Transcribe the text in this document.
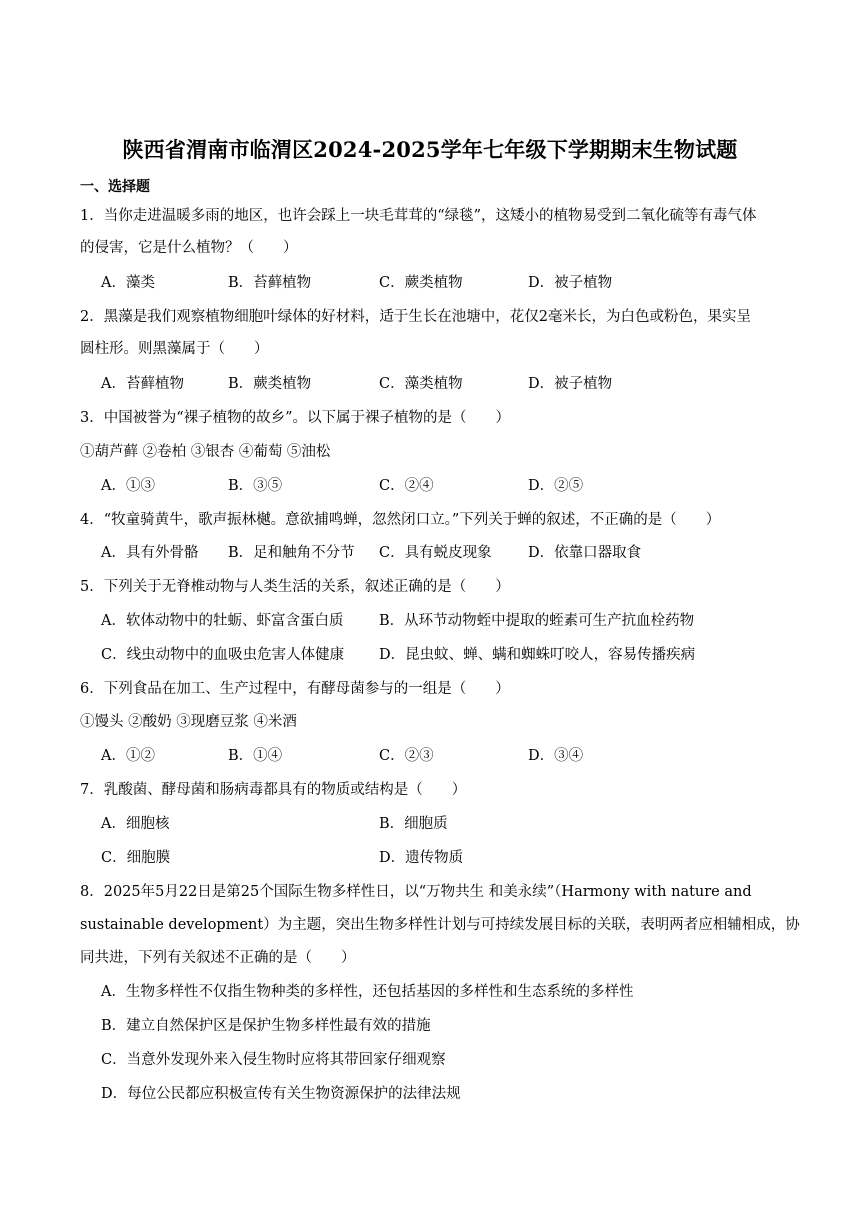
陕西省渭南市临渭区2024-2025学年七年级下学期期末生物试题
一、选择题
1．当你走进温暖多雨的地区，也许会踩上一块毛茸茸的“绿毯”，这矮小的植物易受到二氧化硫等有毒气体
的侵害，它是什么植物？（　　）
A．藻类	B．苔藓植物	C．蕨类植物	D．被子植物
2．黑藻是我们观察植物细胞叶绿体的好材料，适于生长在池塘中，花仅2毫米长，为白色或粉色，果实呈
圆柱形。则黑藻属于（　　）
A．苔藓植物	B．蕨类植物	C．藻类植物	D．被子植物
3．中国被誉为“裸子植物的故乡”。以下属于裸子植物的是（　　）
①葫芦藓 ②卷柏 ③银杏 ④葡萄 ⑤油松
A．①③	B．③⑤	C．②④	D．②⑤
4．“牧童骑黄牛，歌声振林樾。意欲捕鸣蝉，忽然闭口立。”下列关于蝉的叙述，不正确的是（　　）
A．具有外骨骼 B．足和触角不分节 C．具有蜕皮现象	D．依靠口器取食
5．下列关于无脊椎动物与人类生活的关系，叙述正确的是（　　）
A．软体动物中的牡蛎、虾富含蛋白质 B．从环节动物蛭中提取的蛭素可生产抗血栓药物
C．线虫动物中的血吸虫危害人体健康 D．昆虫蚊、蝉、螨和蜘蛛叮咬人，容易传播疾病
6．下列食品在加工、生产过程中，有酵母菌参与的一组是（　　）
①馒头 ②酸奶 ③现磨豆浆 ④米酒
A．①②	B．①④	C．②③	D．③④
7．乳酸菌、酵母菌和肠病毒都具有的物质或结构是（　　）
A．细胞核	B．细胞质
C．细胞膜	D．遗传物质
8．2025年5月22日是第25个国际生物多样性日，以“万物共生 和美永续”（Harmony with nature and
sustainable development）为主题，突出生物多样性计划与可持续发展目标的关联，表明两者应相辅相成，协
同共进，下列有关叙述不正确的是（　　）
A．生物多样性不仅指生物种类的多样性，还包括基因的多样性和生态系统的多样性
B．建立自然保护区是保护生物多样性最有效的措施
C．当意外发现外来入侵生物时应将其带回家仔细观察
D．每位公民都应积极宣传有关生物资源保护的法律法规
